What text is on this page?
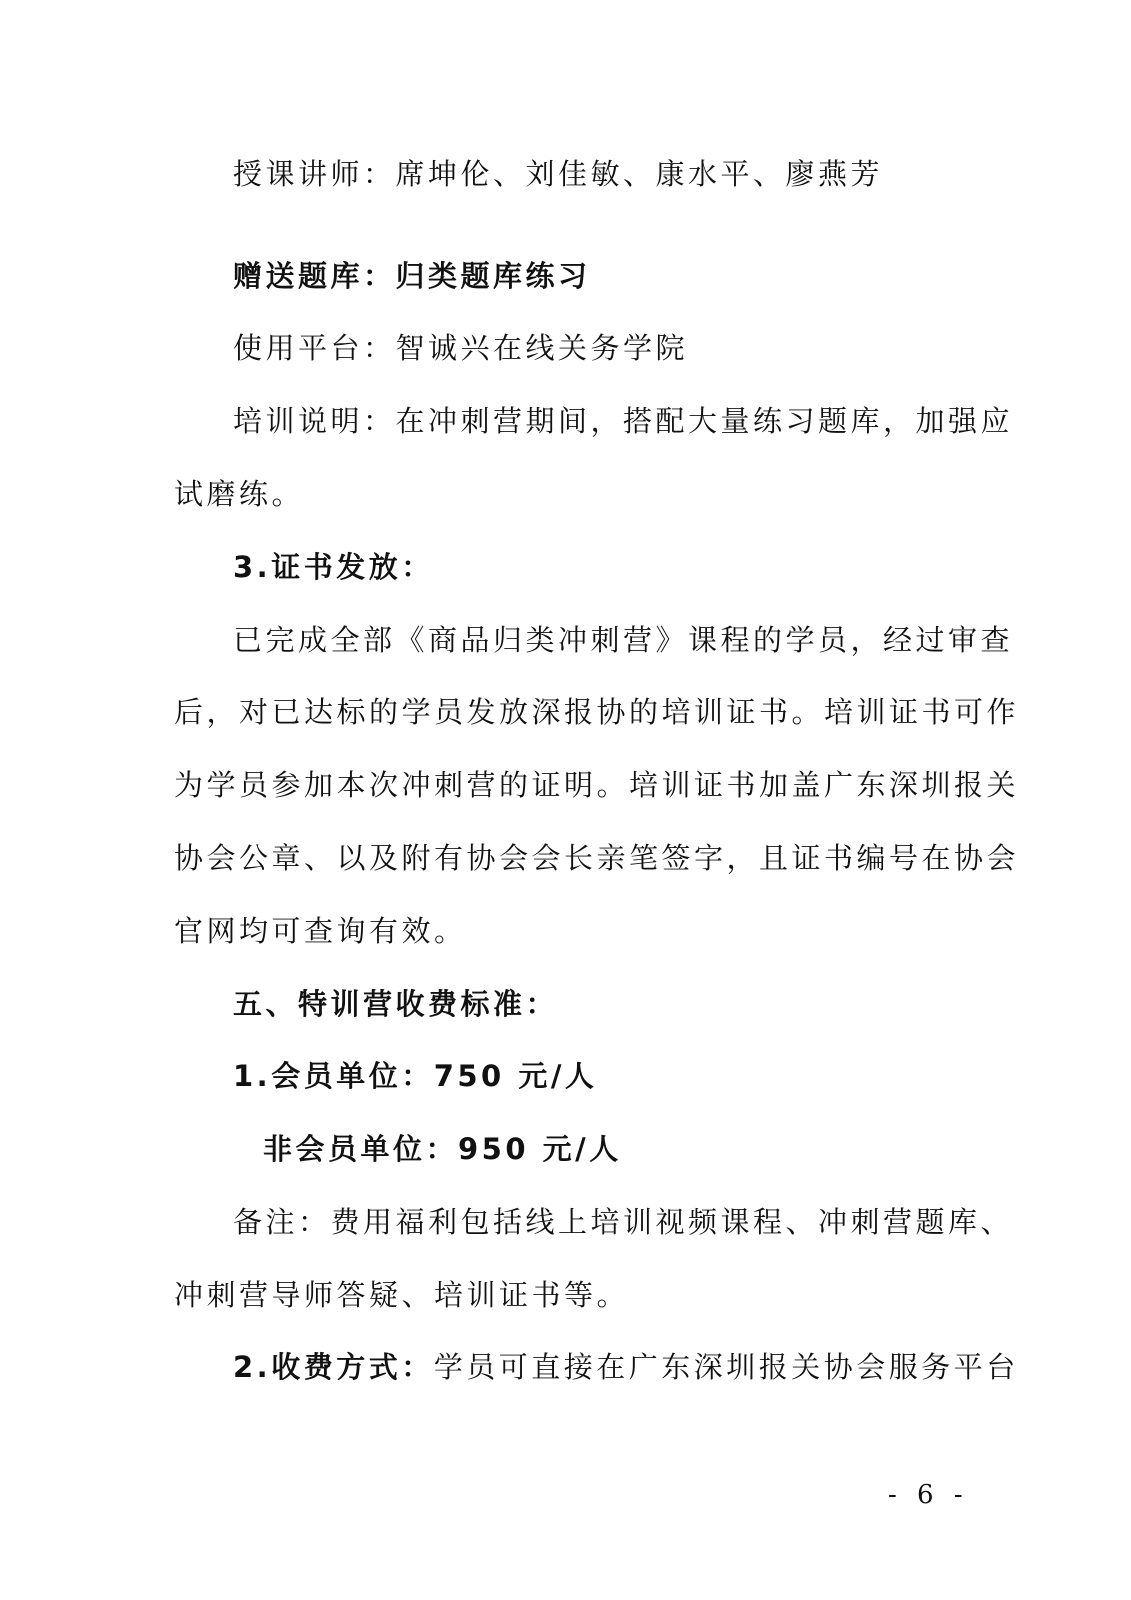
授课讲师：席坤伦、刘佳敏、康水平、廖燕芳
赠送题库：归类题库练习
使用平台：智诚兴在线关务学院
培训说明：在冲刺营期间，搭配大量练习题库，加强应
试磨练。
3.证书发放：
已完成全部《商品归类冲刺营》课程的学员，经过审查
后，对已达标的学员发放深报协的培训证书。培训证书可作
为学员参加本次冲刺营的证明。培训证书加盖广东深圳报关
协会公章、以及附有协会会长亲笔签字，且证书编号在协会
官网均可查询有效。
五、特训营收费标准：
1.会员单位：750 元/人
非会员单位：950 元/人
备注：费用福利包括线上培训视频课程、冲刺营题库、
冲刺营导师答疑、培训证书等。
2.收费方式：学员可直接在广东深圳报关协会服务平台
- 6 -
